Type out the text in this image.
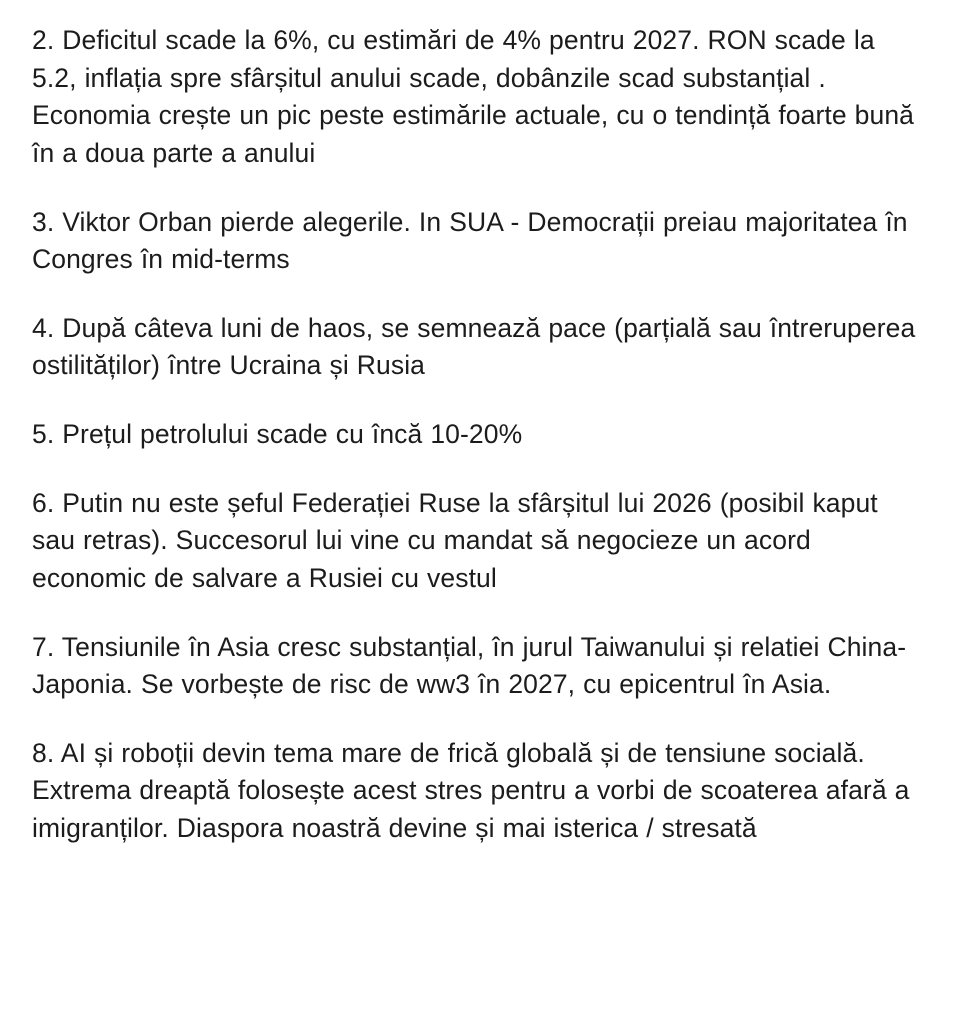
2. Deficitul scade la 6%, cu estimări de 4% pentru 2027. RON scade la 5.2, inflația spre sfârșitul anului scade, dobânzile scad substanțial . Economia crește un pic peste estimările actuale, cu o tendință foarte bună în a doua parte a anului

3. Viktor Orban pierde alegerile. In SUA - Democrații preiau majoritatea în Congres în mid-terms

4. După câteva luni de haos, se semnează pace (parțială sau întreruperea ostilităților) între Ucraina și Rusia

5. Prețul petrolului scade cu încă 10-20%

6. Putin nu este șeful Federației Ruse la sfârșitul lui 2026 (posibil kaput sau retras). Succesorul lui vine cu mandat să negocieze un acord economic de salvare a Rusiei cu vestul

7. Tensiunile în Asia cresc substanțial, în jurul Taiwanului și relatiei China-Japonia. Se vorbește de risc de ww3 în 2027, cu epicentrul în Asia.

8. AI și roboții devin tema mare de frică globală și de tensiune socială. Extrema dreaptă folosește acest stres pentru a vorbi de scoaterea afară a imigranților. Diaspora noastră devine și mai isterica / stresată
